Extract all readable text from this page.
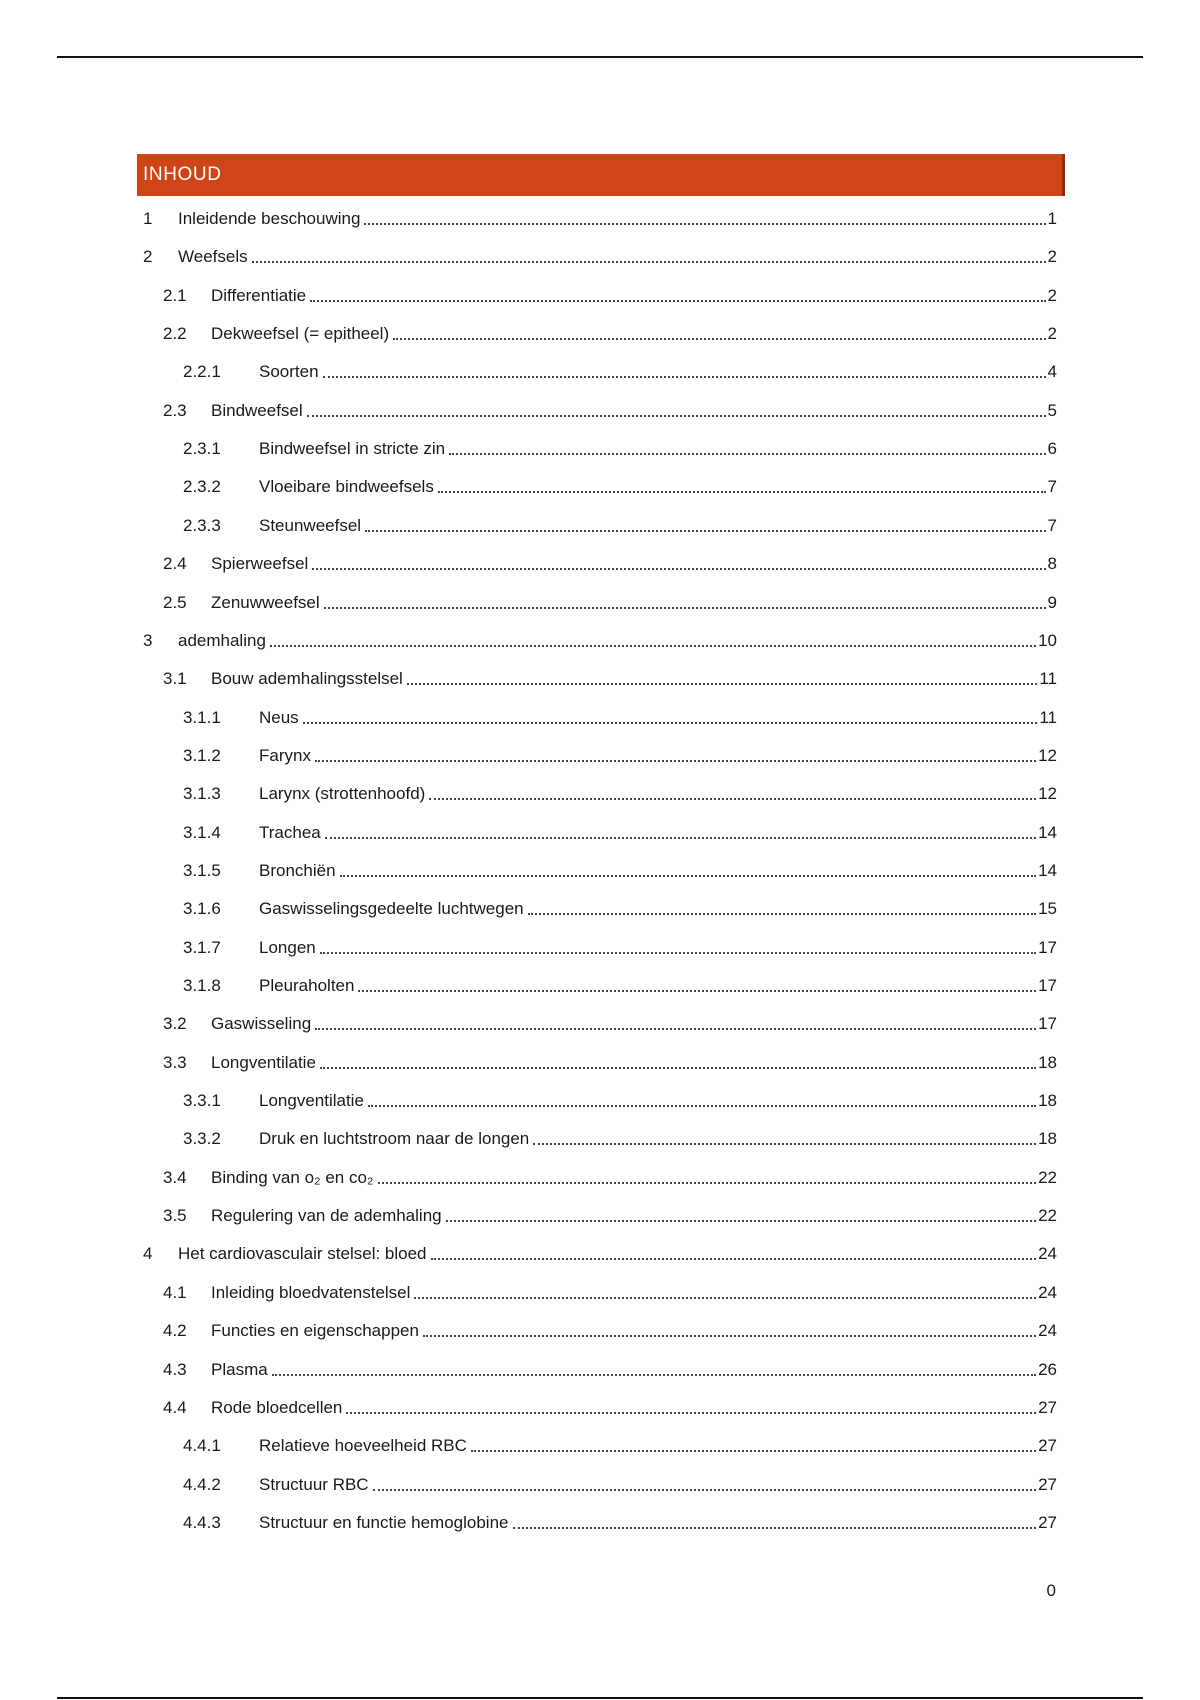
INHOUD
1	Inleidende beschouwing	1
2	Weefsels	2
2.1	Differentiatie	2
2.2	Dekweefsel (= epitheel)	2
2.2.1	Soorten	4
2.3	Bindweefsel	5
2.3.1	Bindweefsel in stricte zin	6
2.3.2	Vloeibare bindweefsels	7
2.3.3	Steunweefsel	7
2.4	Spierweefsel	8
2.5	Zenuwweefsel	9
3	ademhaling	10
3.1	Bouw ademhalingsstelsel	11
3.1.1	Neus	11
3.1.2	Farynx	12
3.1.3	Larynx (strottenhoofd)	12
3.1.4	Trachea	14
3.1.5	Bronchiën	14
3.1.6	Gaswisselingsgedeelte luchtwegen	15
3.1.7	Longen	17
3.1.8	Pleuraholten	17
3.2	Gaswisseling	17
3.3	Longventilatie	18
3.3.1	Longventilatie	18
3.3.2	Druk en luchtstroom naar de longen	18
3.4	Binding van o₂ en co₂	22
3.5	Regulering van de ademhaling	22
4	Het cardiovasculair stelsel: bloed	24
4.1	Inleiding bloedvatenstelsel	24
4.2	Functies en eigenschappen	24
4.3	Plasma	26
4.4	Rode bloedcellen	27
4.4.1	Relatieve hoeveelheid RBC	27
4.4.2	Structuur RBC	27
4.4.3	Structuur en functie hemoglobine	27
0
